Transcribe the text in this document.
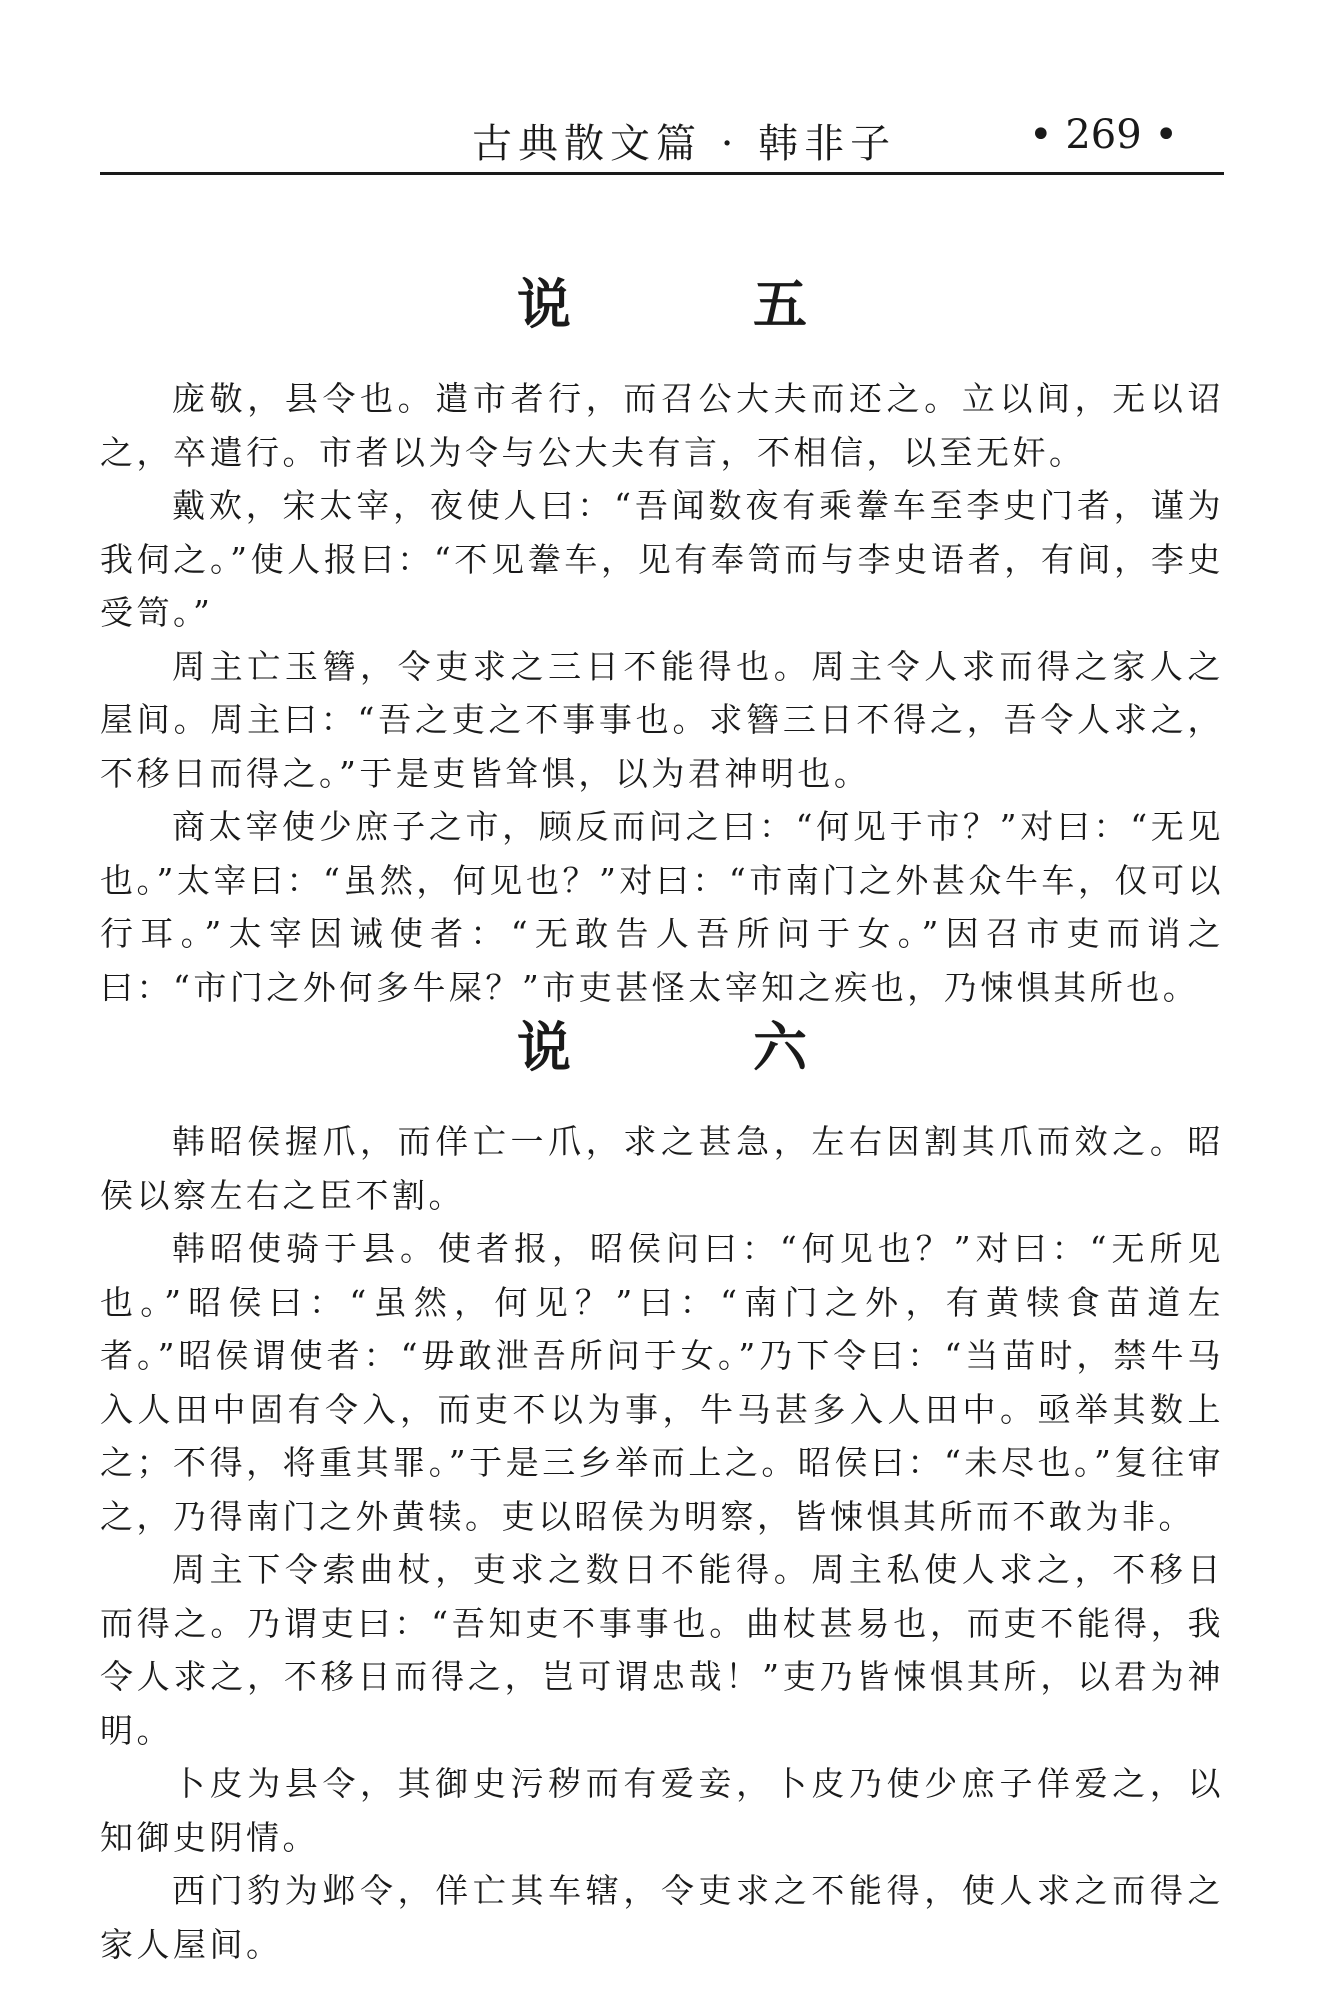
古典散文篇 · 韩非子	• 269 •
说　五

庞敬，县令也。遣市者行，而召公大夫而还之。立以间，无以诏之，卒遣行。市者以为令与公大夫有言，不相信，以至无奸。

戴欢，宋太宰，夜使人曰：“吾闻数夜有乘韏车至李史门者，谨为我伺之。”使人报曰：“不见韏车，见有奉笥而与李史语者，有间，李史受笥。”

周主亡玉簪，令吏求之三日不能得也。周主令人求而得之家人之屋间。周主曰：“吾之吏之不事事也。求簪三日不得之，吾令人求之，不移日而得之。”于是吏皆耸惧，以为君神明也。

商太宰使少庶子之市，顾反而问之曰：“何见于市？”对曰：“无见也。”太宰曰：“虽然，何见也？”对曰：“市南门之外甚众牛车，仅可以行耳。”太宰因诫使者：“无敢告人吾所问于女。”因召市吏而诮之曰：“市门之外何多牛屎？”市吏甚怪太宰知之疾也，乃悚惧其所也。

说　六

韩昭侯握爪，而佯亡一爪，求之甚急，左右因割其爪而效之。昭侯以察左右之臣不割。

韩昭使骑于县。使者报，昭侯问曰：“何见也？”对曰：“无所见也。”昭侯曰：“虽然，何见？”曰：“南门之外，有黄犊食苗道左者。”昭侯谓使者：“毋敢泄吾所问于女。”乃下令曰：“当苗时，禁牛马入人田中固有令入，而吏不以为事，牛马甚多入人田中。亟举其数上之；不得，将重其罪。”于是三乡举而上之。昭侯曰：“未尽也。”复往审之，乃得南门之外黄犊。吏以昭侯为明察，皆悚惧其所而不敢为非。

周主下令索曲杖，吏求之数日不能得。周主私使人求之，不移日而得之。乃谓吏曰：“吾知吏不事事也。曲杖甚易也，而吏不能得，我令人求之，不移日而得之，岂可谓忠哉！”吏乃皆悚惧其所，以君为神明。

卜皮为县令，其御史污秽而有爱妾，卜皮乃使少庶子佯爱之，以知御史阴情。

西门豹为邺令，佯亡其车辖，令吏求之不能得，使人求之而得之家人屋间。
